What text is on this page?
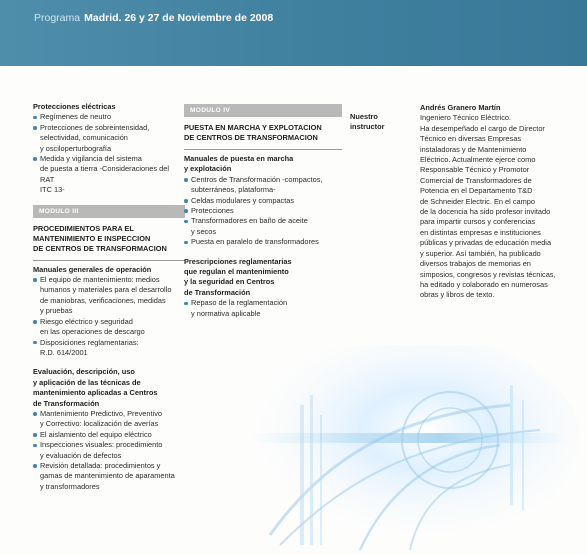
Programa Madrid. 26 y 27 de Noviembre de 2008
Protecciones eléctricas
Regímenes de neutro
Protecciones de sobreintensidad,
selectividad, comunicación
y osciloperturbografía
Medida y vigilancia del sistema
de puesta a tierra -Consideraciones del RAT
ITC 13-
MODULO III
PROCEDIMIENTOS PARA EL
MANTENIMIENTO E INSPECCION
DE CENTROS DE TRANSFORMACION
Manuales generales de operación
El equipo de mantenimiento: medios
humanos y materiales para el desarrollo
de maniobras, verificaciones, medidas
y pruebas
Riesgo eléctrico y seguridad
en las operaciones de descargo
Disposiciones reglamentarias:
R.D. 614/2001
Evaluación, descripción, uso
y aplicación de las técnicas de
mantenimiento aplicadas a Centros
de Transformación
Mantenimiento Predictivo, Preventivo
y Correctivo: localización de averías
El aislamiento del equipo eléctrico
Inspecciones visuales: procedimiento
y evaluación de defectos
Revisión detallada: procedimientos y
gamas de mantenimiento de aparamenta
y transformadores
MODULO IV
PUESTA EN MARCHA Y EXPLOTACION
DE CENTROS DE TRANSFORMACION
Manuales de puesta en marcha
y explotación
Centros de Transformación -compactos,
subterráneos, plataforma-
Celdas modulares y compactas
Protecciones
Transformadores en baño de aceite
y secos
Puesta en paralelo de transformadores
Prescripciones reglamentarias
que regulan el mantenimiento
y la seguridad en Centros
de Transformación
Repaso de la reglamentación
y normativa aplicable
Nuestro
instructor
Andrés Granero Martín
Ingeniero Técnico Eléctrico.
Ha desempeñado el cargo de Director
Técnico en diversas Empresas
instaladoras y de Mantenimiento
Eléctrico. Actualmente ejerce como
Responsable Técnico y Promotor
Comercial de Transformadores de
Potencia en el Departamento T&D
de Schneider Electric. En el campo
de la docencia ha sido profesor invitado
para impartir cursos y conferencias
en distintas empresas e instituciones
públicas y privadas de educación media
y superior. Así también, ha publicado
diversos trabajos de memorias en
simposios, congresos y revistas técnicas,
ha editado y colaborado en numerosas
obras y libros de texto.
